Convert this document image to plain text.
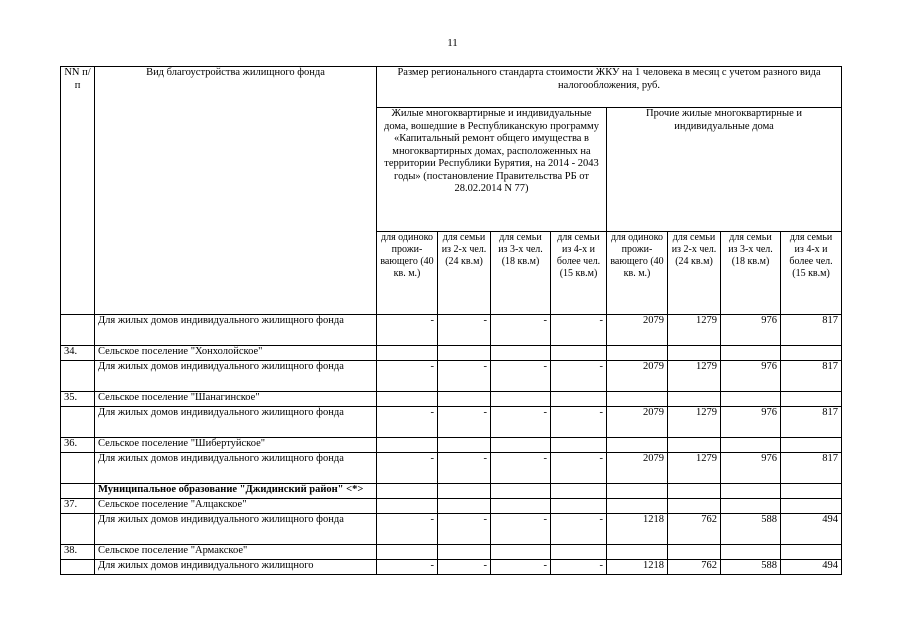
11
NN п/п	Вид благоустройства жилищного фонда	Размер регионального стандарта стоимости ЖКУ на 1 человека в месяц с учетом разного вида налогообложения, руб.							
		Жилые многоквартирные и индивидуальные дома, вошедшие в Республиканскую программу «Капитальный ремонт общего имущества в многоквартирных домах, расположенных на территории Республики Бурятия, на 2014 - 2043 годы» (постановление Правительства РБ от 28.02.2014 N 77)				Прочие жилые многоквартирные и индивидуальные дома			
		для одиноко прожи-вающего (40 кв. м.)	для семьи из 2-х чел. (24 кв.м)	для семьи из 3-х чел. (18 кв.м)	для семьи из 4-х и более чел. (15 кв.м)	для одиноко прожи-вающего (40 кв. м.)	для семьи из 2-х чел. (24 кв.м)	для семьи из 3-х чел. (18 кв.м)	для семьи из 4-х и более чел. (15 кв.м)
	Для жилых домов индивидуального жилищного фонда	-	-	-	-	2079	1279	976	817
34.	Сельское поселение "Хонхолойское"								
	Для жилых домов индивидуального жилищного фонда	-	-	-	-	2079	1279	976	817
35.	Сельское поселение "Шанагинское"								
	Для жилых домов индивидуального жилищного фонда	-	-	-	-	2079	1279	976	817
36.	Сельское поселение "Шибертуйское"								
	Для жилых домов индивидуального жилищного фонда	-	-	-	-	2079	1279	976	817
	Муниципальное образование "Джидинский район" <*>								
37.	Сельское поселение "Алцакское"								
	Для жилых домов индивидуального жилищного фонда	-	-	-	-	1218	762	588	494
38.	Сельское поселение "Армакское"								
	Для жилых домов индивидуального жилищного	-	-	-	-	1218	762	588	494
